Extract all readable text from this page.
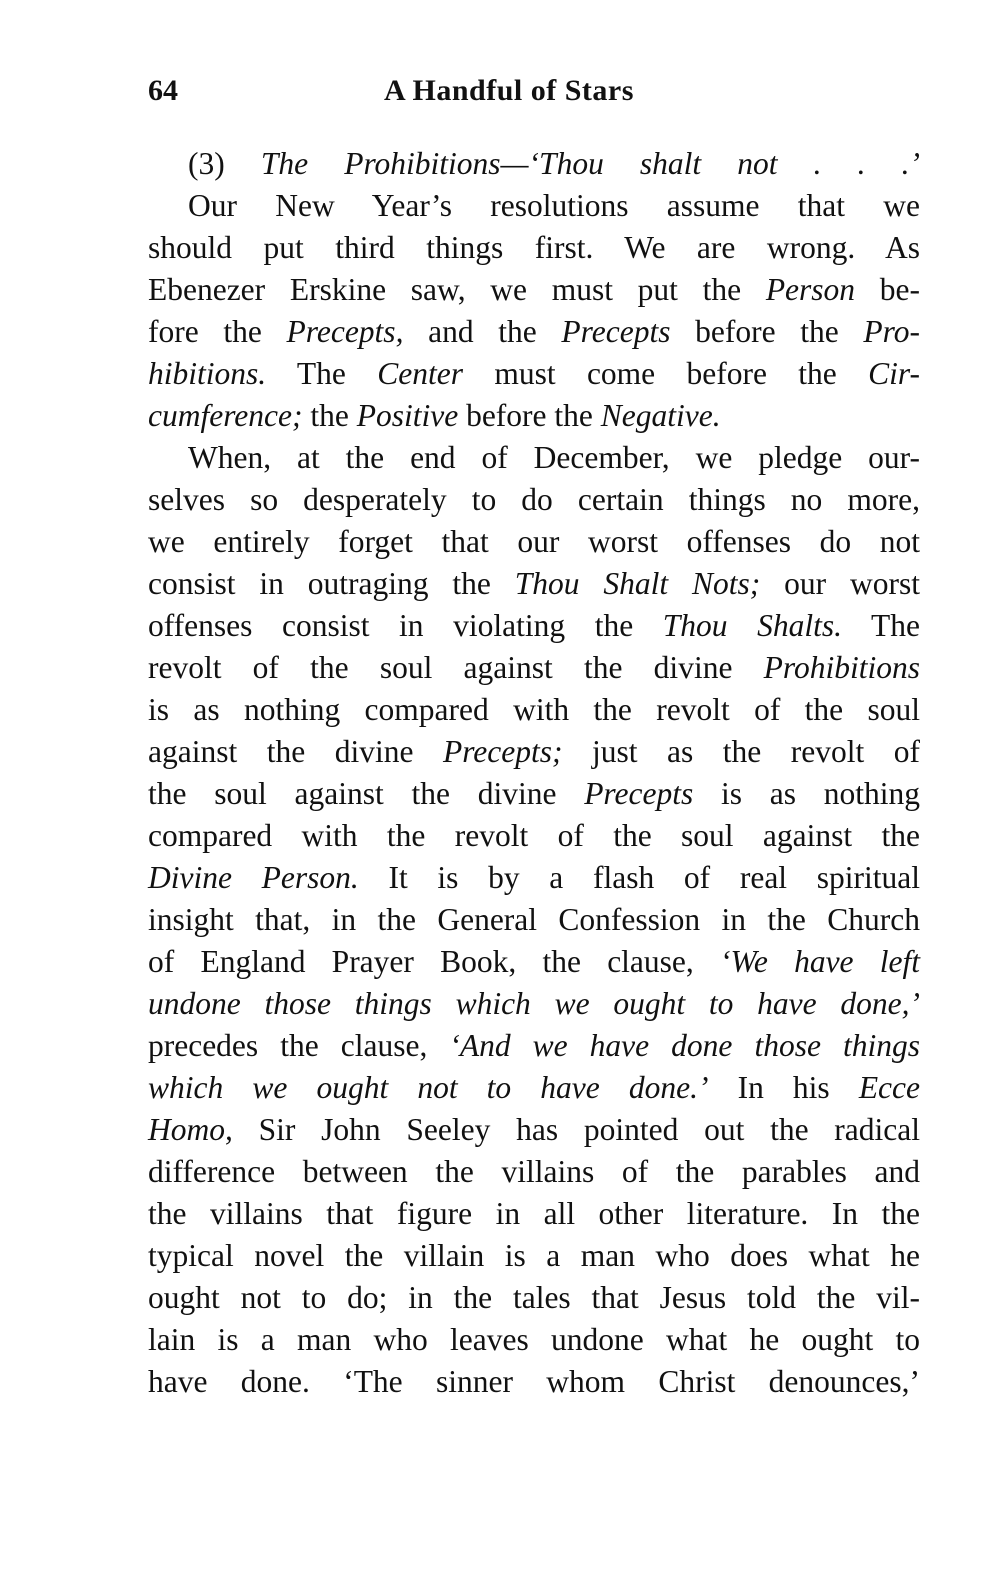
64	A Handful of Stars
(3) The Prohibitions—‘Thou shalt not . . .’
Our New Year’s resolutions assume that we
should put third things first. We are wrong. As
Ebenezer Erskine saw, we must put the Person be-
fore the Precepts, and the Precepts before the Pro-
hibitions. The Center must come before the Cir-
cumference; the Positive before the Negative.
When, at the end of December, we pledge our-
selves so desperately to do certain things no more,
we entirely forget that our worst offenses do not
consist in outraging the Thou Shalt Nots; our worst
offenses consist in violating the Thou Shalts. The
revolt of the soul against the divine Prohibitions
is as nothing compared with the revolt of the soul
against the divine Precepts; just as the revolt of
the soul against the divine Precepts is as nothing
compared with the revolt of the soul against the
Divine Person. It is by a flash of real spiritual
insight that, in the General Confession in the Church
of England Prayer Book, the clause, ‘We have left
undone those things which we ought to have done,’
precedes the clause, ‘And we have done those things
which we ought not to have done.’ In his Ecce
Homo, Sir John Seeley has pointed out the radical
difference between the villains of the parables and
the villains that figure in all other literature. In the
typical novel the villain is a man who does what he
ought not to do; in the tales that Jesus told the vil-
lain is a man who leaves undone what he ought to
have done. ‘The sinner whom Christ denounces,’
